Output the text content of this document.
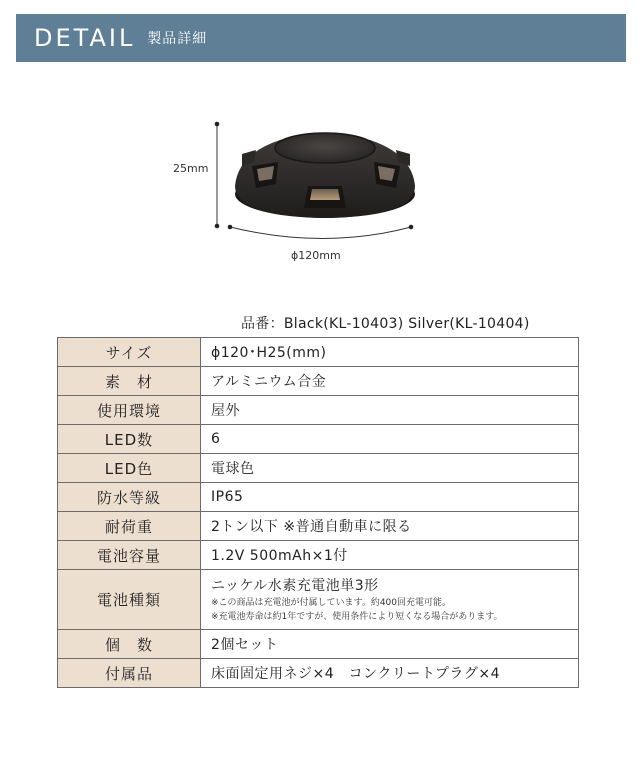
DETAIL 製品詳細
25mm
ϕ120mm
品番：Black(KL-10403) Silver(KL-10404)
サイズ	ϕ120･H25(mm)
素　材	アルミニウム合金
使用環境	屋外
LED数	6
LED色	電球色
防水等級	IP65
耐荷重	2トン以下 ※普通自動車に限る
電池容量	1.2V 500mAh×1付
電池種類	ニッケル水素充電池単3形
※この商品は充電池が付属しています。約400回充電可能。
※充電池寿命は約1年ですが、使用条件により短くなる場合があります。

個　数	2個セット
付属品	床面固定用ネジ×4　コンクリートプラグ×4
